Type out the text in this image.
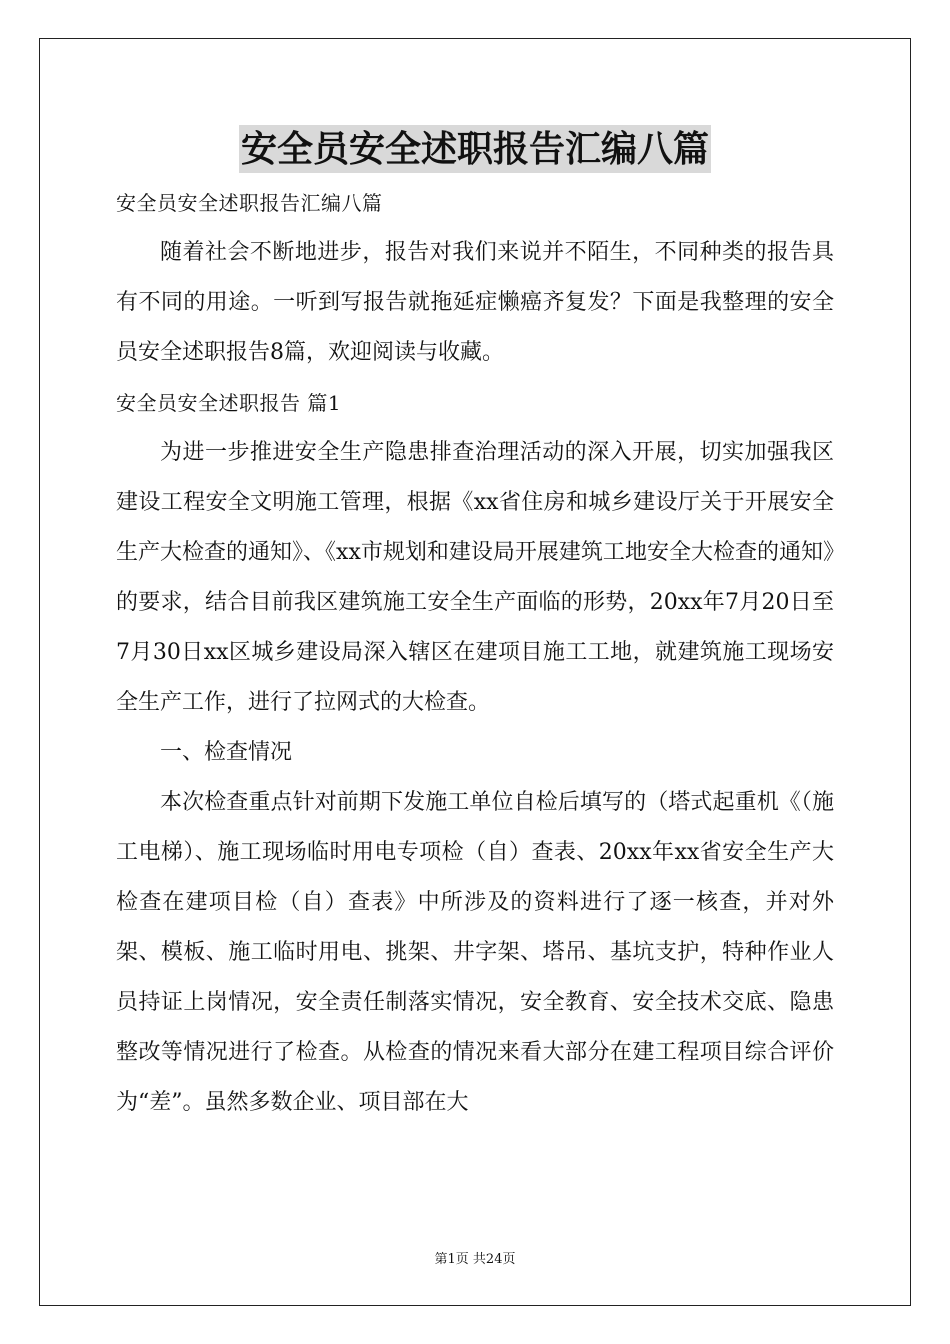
安全员安全述职报告汇编八篇

安全员安全述职报告汇编八篇

随着社会不断地进步，报告对我们来说并不陌生，不同种类的报告具有不同的用途。一听到写报告就拖延症懒癌齐复发？下面是我整理的安全员安全述职报告8篇，欢迎阅读与收藏。

安全员安全述职报告 篇1

为进一步推进安全生产隐患排查治理活动的深入开展，切实加强我区建设工程安全文明施工管理，根据《xx省住房和城乡建设厅关于开展安全生产大检查的通知》、《xx市规划和建设局开展建筑工地安全大检查的通知》的要求，结合目前我区建筑施工安全生产面临的形势，20xx年7月20日至7月30日xx区城乡建设局深入辖区在建项目施工工地，就建筑施工现场安全生产工作，进行了拉网式的大检查。

一、检查情况

本次检查重点针对前期下发施工单位自检后填写的（塔式起重机《（施工电梯）、施工现场临时用电专项检（自）查表、20xx年xx省安全生产大检查在建项目检（自）查表》中所涉及的资料进行了逐一核查，并对外架、模板、施工临时用电、挑架、井字架、塔吊、基坑支护，特种作业人员持证上岗情况，安全责任制落实情况，安全教育、安全技术交底、隐患整改等情况进行了检查。从检查的情况来看大部分在建工程项目综合评价为“差”。虽然多数企业、项目部在大

第1页 共24页
